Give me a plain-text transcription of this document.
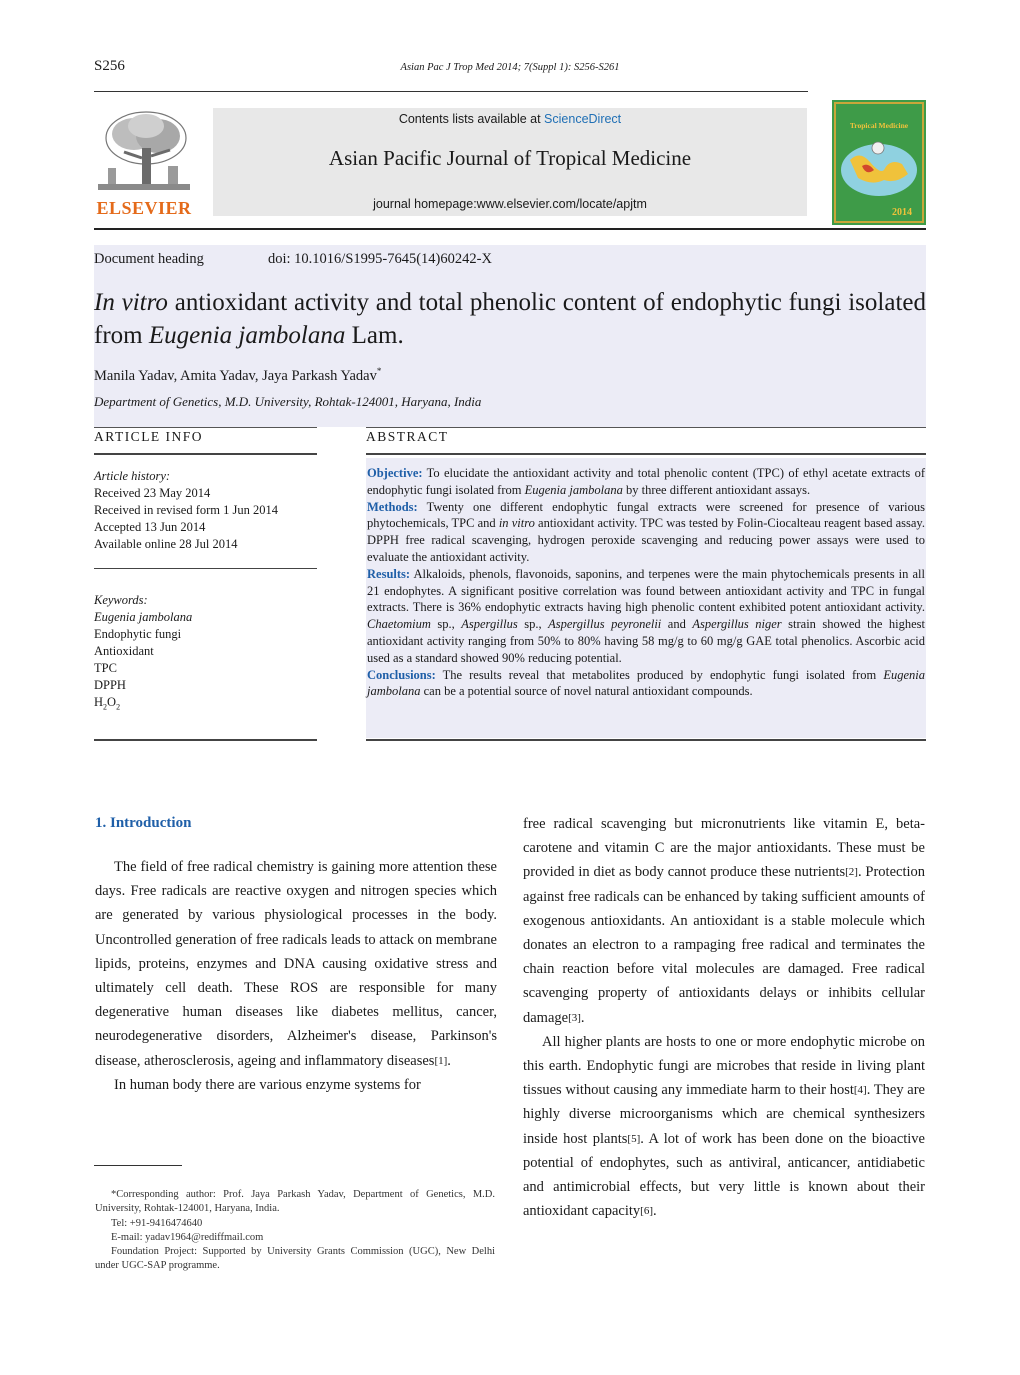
S256	Asian Pac J Trop Med 2014; 7(Suppl 1): S256-S261
ELSEVIER
Contents lists available at ScienceDirect
Asian Pacific Journal of Tropical Medicine
journal homepage:www.elsevier.com/locate/apjtm
Tropical Medicine
2014
Document heading	doi: 10.1016/S1995-7645(14)60242-X
In vitro antioxidant activity and total phenolic content of endophytic fungi isolated from Eugenia jambolana Lam.
Manila Yadav, Amita Yadav, Jaya Parkash Yadav*
Department of Genetics, M.D. University, Rohtak-124001, Haryana, India
ARTICLE INFO	ABSTRACT
Article history:
Received 23 May 2014
Received in revised form 1 Jun 2014
Accepted 13 Jun 2014
Available online 28 Jul 2014
Keywords:
Eugenia jambolana
Endophytic fungi
Antioxidant
TPC
DPPH
$H_2O_2$

Objective: To elucidate the antioxidant activity and total phenolic content (TPC) of ethyl acetate extracts of endophytic fungi isolated from Eugenia jambolana by three different antioxidant assays.

Methods: Twenty one different endophytic fungal extracts were screened for presence of various phytochemicals, TPC and in vitro antioxidant activity. TPC was tested by Folin-Ciocalteau reagent based assay. DPPH free radical scavenging, hydrogen peroxide scavenging and reducing power assays were used to evaluate the antioxidant activity.

Results: Alkaloids, phenols, flavonoids, saponins, and terpenes were the main phytochemicals presents in all 21 endophytes. A significant positive correlation was found between antioxidant activity and TPC in fungal extracts. There is 36% endophytic extracts having high phenolic content exhibited potent antioxidant activity. Chaetomium sp., Aspergillus sp., Aspergillus peyronelii and Aspergillus niger strain showed the highest antioxidant activity ranging from 50% to 80% having 58 mg/g to 60 mg/g GAE total phenolics. Ascorbic acid used as a standard showed 90% reducing potential.

Conclusions: The results reveal that metabolites produced by endophytic fungi isolated from Eugenia jambolana can be a potential source of novel natural antioxidant compounds.

1. Introduction

The field of free radical chemistry is gaining more attention these days. Free radicals are reactive oxygen and nitrogen species which are generated by various physiological processes in the body. Uncontrolled generation of free radicals leads to attack on membrane lipids, proteins, enzymes and DNA causing oxidative stress and ultimately cell death. These ROS are responsible for many degenerative human diseases like diabetes mellitus, cancer, neurodegenerative disorders, Alzheimer's disease, Parkinson's disease, atherosclerosis, ageing and inflammatory diseases[1].

In human body there are various enzyme systems for

free radical scavenging but micronutrients like vitamin E, beta-carotene and vitamin C are the major antioxidants. These must be provided in diet as body cannot produce these nutrients[2]. Protection against free radicals can be enhanced by taking sufficient amounts of exogenous antioxidants. An antioxidant is a stable molecule which donates an electron to a rampaging free radical and terminates the chain reaction before vital molecules are damaged. Free radical scavenging property of antioxidants delays or inhibits cellular damage[3].

All higher plants are hosts to one or more endophytic microbe on this earth. Endophytic fungi are microbes that reside in living plant tissues without causing any immediate harm to their host[4]. They are highly diverse microorganisms which are chemical synthesizers inside host plants[5]. A lot of work has been done on the bioactive potential of endophytes, such as antiviral, anticancer, antidiabetic and antimicrobial effects, but very little is known about their antioxidant capacity[6].

*Corresponding author: Prof. Jaya Parkash Yadav, Department of Genetics, M.D. University, Rohtak-124001, Haryana, India.

Tel: +91-9416474640

E-mail: yadav1964@rediffmail.com

Foundation Project: Supported by University Grants Commission (UGC), New Delhi under UGC-SAP programme.
